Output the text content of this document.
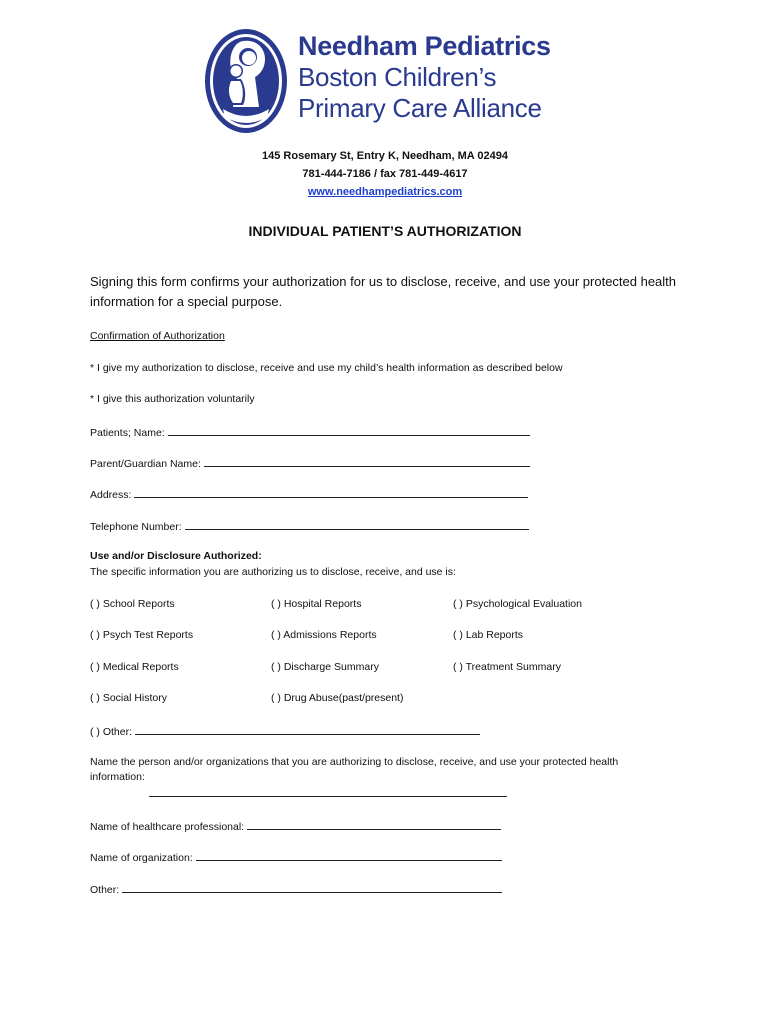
Needham Pediatrics
Boston Children’s
Primary Care Alliance
145 Rosemary St, Entry K, Needham, MA 02494
781-444-7186 / fax 781-449-4617
www.needhampediatrics.com
INDIVIDUAL PATIENT’S AUTHORIZATION
Signing this form confirms your authorization for us to disclose, receive, and use your protected health information for a special purpose.
Confirmation of Authorization
* I give my authorization to disclose, receive and use my child’s health information as described below
* I give this authorization voluntarily
Patients; Name:
Parent/Guardian Name:
Address:
Telephone Number:
Use and/or Disclosure Authorized:
The specific information you are authorizing us to disclose, receive, and use is:
( ) School Reports	( ) Hospital Reports	( ) Psychological Evaluation
( ) Psych Test Reports	( ) Admissions Reports	( ) Lab Reports
( ) Medical Reports	( ) Discharge Summary	( ) Treatment Summary
( ) Social History	( ) Drug Abuse(past/present)
( ) Other:
Name the person and/or organizations that you are authorizing to disclose, receive, and use your protected health
information:
Name of healthcare professional:
Name of organization:
Other:
